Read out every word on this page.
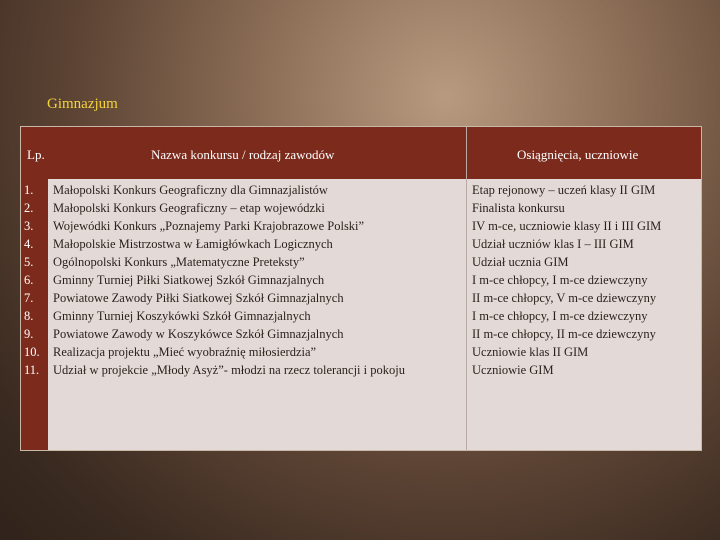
Gimnazjum
Lp.	Nazwa konkursu / rodzaj zawodów	Osiągnięcia, uczniowie
1.
2.
3.
4.
5.
6.
7.
8.
9.
10.
11.
Małopolski Konkurs Geograficzny dla Gimnazjalistów
Małopolski Konkurs Geograficzny – etap wojewódzki
Wojewódki Konkurs „Poznajemy Parki Krajobrazowe Polski”
Małopolskie Mistrzostwa w Łamigłówkach Logicznych
Ogólnopolski Konkurs „Matematyczne Preteksty”
Gminny Turniej Piłki Siatkowej Szkół Gimnazjalnych
Powiatowe Zawody Piłki Siatkowej Szkół Gimnazjalnych
Gminny Turniej Koszykówki Szkół Gimnazjalnych
Powiatowe Zawody w Koszykówce Szkół Gimnazjalnych
Realizacja projektu „Mieć wyobraźnię miłosierdzia”
Udział w projekcie „Młody Asyż”- młodzi na rzecz tolerancji i pokoju
Etap rejonowy – uczeń klasy II GIM
Finalista konkursu
IV m-ce, uczniowie klasy II i III GIM
Udział uczniów klas I – III GIM
Udział ucznia GIM
I m-ce chłopcy, I m-ce dziewczyny
II m-ce chłopcy, V m-ce dziewczyny
I m-ce chłopcy, I m-ce dziewczyny
II m-ce chłopcy, II m-ce dziewczyny
Uczniowie klas II GIM
Uczniowie GIM
